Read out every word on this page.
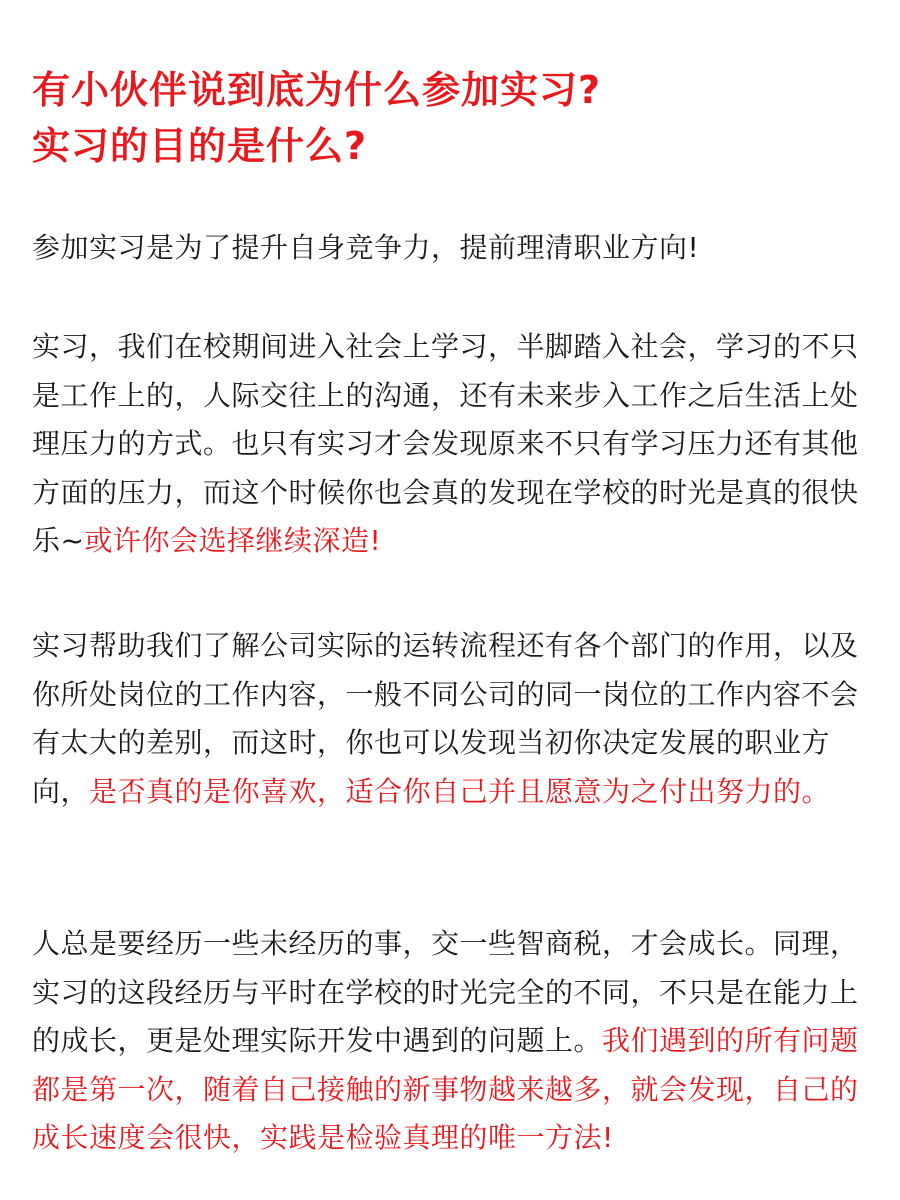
有小伙伴说到底为什么参加实习?
实习的目的是什么?

参加实习是为了提升自身竞争力，提前理清职业方向!

实习，我们在校期间进入社会上学习，半脚踏入社会，学习的不只是工作上的，人际交往上的沟通，还有未来步入工作之后生活上处理压力的方式。也只有实习才会发现原来不只有学习压力还有其他方面的压力，而这个时候你也会真的发现在学校的时光是真的很快乐~或许你会选择继续深造!

实习帮助我们了解公司实际的运转流程还有各个部门的作用，以及你所处岗位的工作内容，一般不同公司的同一岗位的工作内容不会有太大的差别，而这时，你也可以发现当初你决定发展的职业方向，是否真的是你喜欢，适合你自己并且愿意为之付出努力的。

人总是要经历一些未经历的事，交一些智商税，才会成长。同理，实习的这段经历与平时在学校的时光完全的不同，不只是在能力上的成长，更是处理实际开发中遇到的问题上。我们遇到的所有问题都是第一次，随着自己接触的新事物越来越多，就会发现，自己的成长速度会很快，实践是检验真理的唯一方法!
